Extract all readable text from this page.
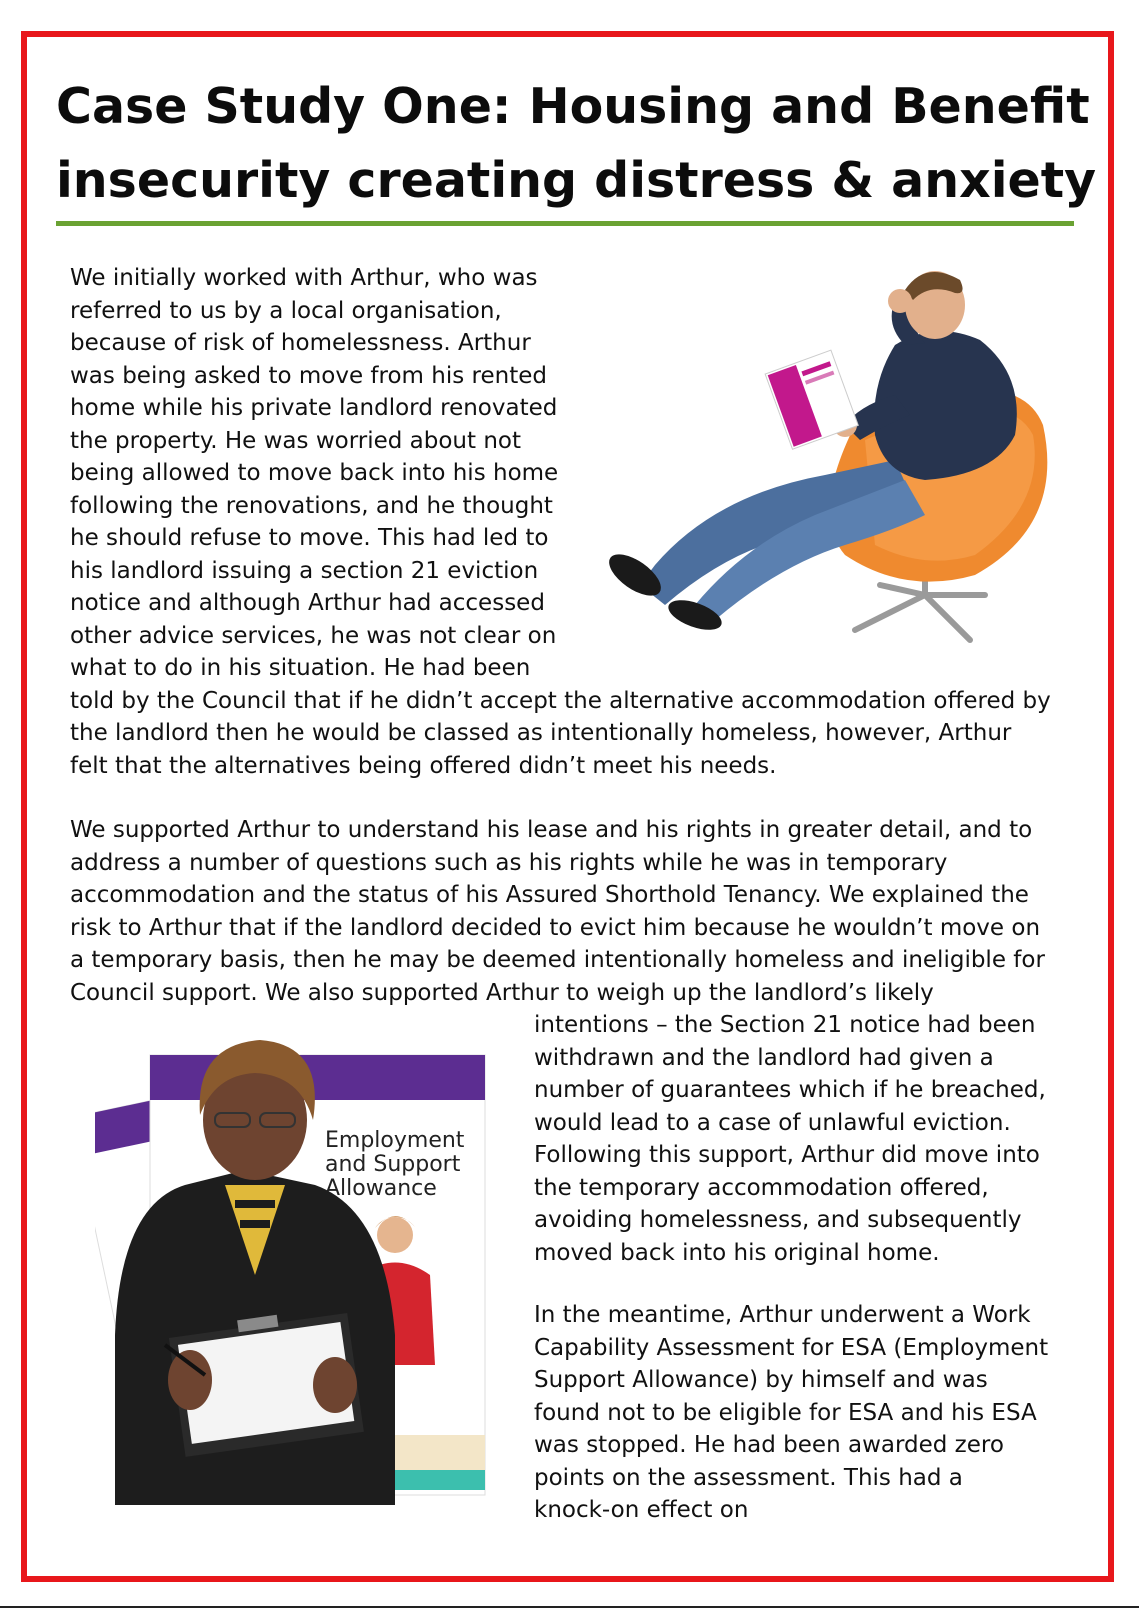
Case Study One: Housing and Benefit
insecurity creating distress & anxiety
We initially worked with Arthur, who was
referred to us by a local organisation,
because of risk of homelessness. Arthur
was being asked to move from his rented
home while his private landlord renovated
the property. He was worried about not
being allowed to move back into his home
following the renovations, and he thought
he should refuse to move. This had led to
his landlord issuing a section 21 eviction
notice and although Arthur had accessed
other advice services, he was not clear on
what to do in his situation. He had been
told by the Council that if he didn’t accept the alternative accommodation offered by
the landlord then he would be classed as intentionally homeless, however, Arthur
felt that the alternatives being offered didn’t meet his needs.
We supported Arthur to understand his lease and his rights in greater detail, and to
address a number of questions such as his rights while he was in temporary
accommodation and the status of his Assured Shorthold Tenancy. We explained the
risk to Arthur that if the landlord decided to evict him because he wouldn’t move on
a temporary basis, then he may be deemed intentionally homeless and ineligible for
Council support. We also supported Arthur to weigh up the landlord’s likely
intentions – the Section 21 notice had been
withdrawn and the landlord had given a
number of guarantees which if he breached,
would lead to a case of unlawful eviction.
Following this support, Arthur did move into
the temporary accommodation offered,
avoiding homelessness, and subsequently
moved back into his original home.
Employment
and Support
Allowance
In the meantime, Arthur underwent a Work
Capability Assessment for ESA (Employment
Support Allowance) by himself and was
found not to be eligible for ESA and his ESA
was stopped. He had been awarded zero
points on the assessment. This had a
knock-on effect on
